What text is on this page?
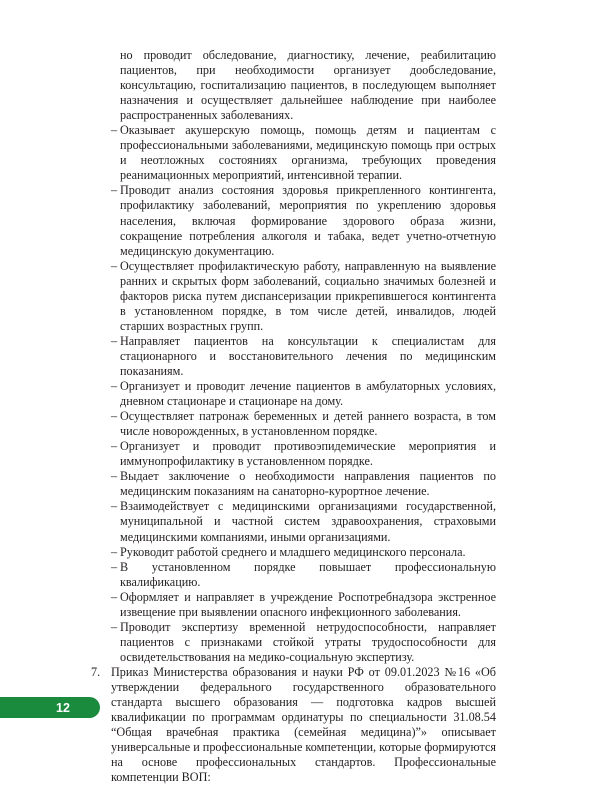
но проводит обследование, диагностику, лечение, реабилитацию пациентов, при необходимости организует дообследование, консультацию, госпитализацию пациентов, в последующем выполняет назначения и осуществляет дальнейшее наблюдение при наиболее распространенных заболеваниях.

– Оказывает акушерскую помощь, помощь детям и пациентам с профессиональными заболеваниями, медицинскую помощь при острых и неотложных состояниях организма, требующих проведения реанимационных мероприятий, интенсивной терапии.
– Проводит анализ состояния здоровья прикрепленного контингента, профилактику заболеваний, мероприятия по укреплению здоровья населения, включая формирование здорового образа жизни, сокращение потребления алкоголя и табака, ведет учетно-отчетную медицинскую документацию.
– Осуществляет профилактическую работу, направленную на выявление ранних и скрытых форм заболеваний, социально значимых болезней и факторов риска путем диспансеризации прикрепившегося контингента в установленном порядке, в том числе детей, инвалидов, людей старших возрастных групп.
– Направляет пациентов на консультации к специалистам для стационарного и восстановительного лечения по медицинским показаниям.
– Организует и проводит лечение пациентов в амбулаторных условиях, дневном стационаре и стационаре на дому.
– Осуществляет патронаж беременных и детей раннего возраста, в том числе новорожденных, в установленном порядке.
– Организует и проводит противоэпидемические мероприятия и иммунопрофилактику в установленном порядке.
– Выдает заключение о необходимости направления пациентов по медицинским показаниям на санаторно-курортное лечение.
– Взаимодействует с медицинскими организациями государственной, муниципальной и частной систем здравоохранения, страховыми медицинскими компаниями, иными организациями.
– Руководит работой среднего и младшего медицинского персонала.
– В установленном порядке повышает профессиональную квалификацию.
– Оформляет и направляет в учреждение Роспотребнадзора экстренное извещение при выявлении опасного инфекционного заболевания.
– Проводит экспертизу временной нетрудоспособности, направляет пациентов с признаками стойкой утраты трудоспособности для освидетельствования на медико-социальную экспертизу.
7. Приказ Министерства образования и науки РФ от 09.01.2023 №16 «Об утверждении федерального государственного образовательного стандарта высшего образования — подготовка кадров высшей квалификации по программам ординатуры по специальности 31.08.54 “Общая врачебная практика (семейная медицина)”» описывает универсальные и профессиональные компетенции, которые формируются на основе профессиональных стандартов. Профессиональные компетенции ВОП:
12
